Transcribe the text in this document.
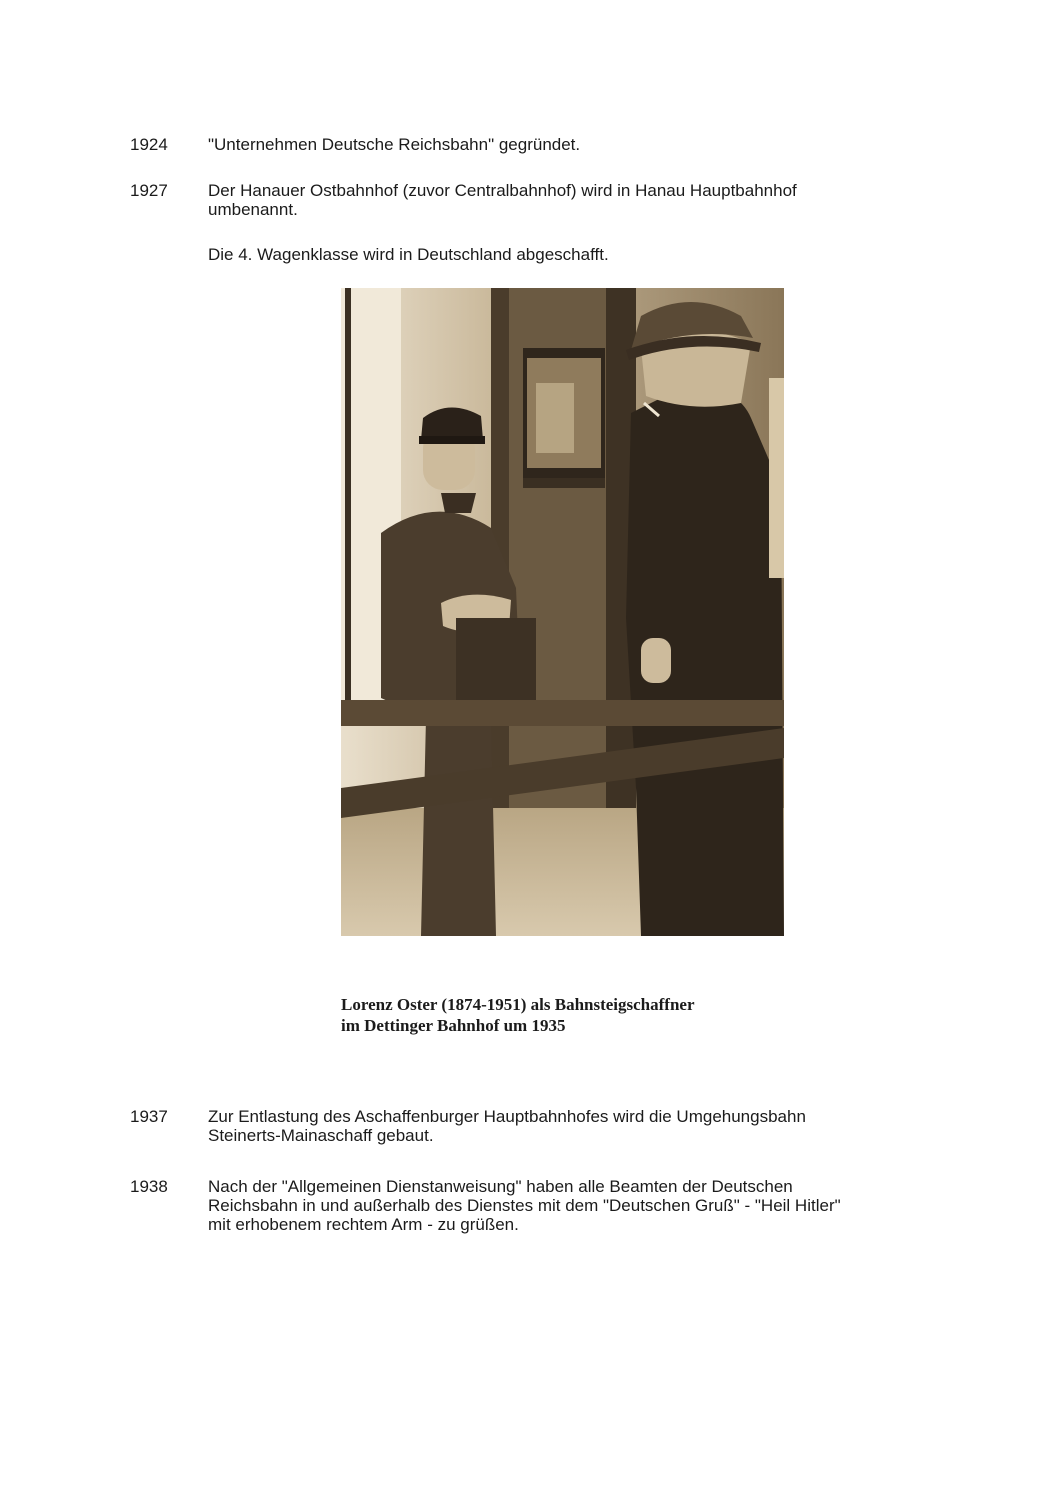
1924 "Unternehmen Deutsche Reichsbahn" gegründet.

1927 Der Hanauer Ostbahnhof (zuvor Centralbahnhof) wird in Hanau Hauptbahnhof

umbenannt.

Die 4. Wagenklasse wird in Deutschland abgeschafft.

Lorenz Oster (1874-1951) als Bahnsteigschaffner
im Dettinger Bahnhof um 1935
1937 Zur Entlastung des Aschaffenburger Hauptbahnhofes wird die Umgehungsbahn

Steinerts-Mainaschaff gebaut.

1938 Nach der "Allgemeinen Dienstanweisung" haben alle Beamten der Deutschen

Reichsbahn in und außerhalb des Dienstes mit dem "Deutschen Gruß" - "Heil Hitler"

mit erhobenem rechtem Arm - zu grüßen.
